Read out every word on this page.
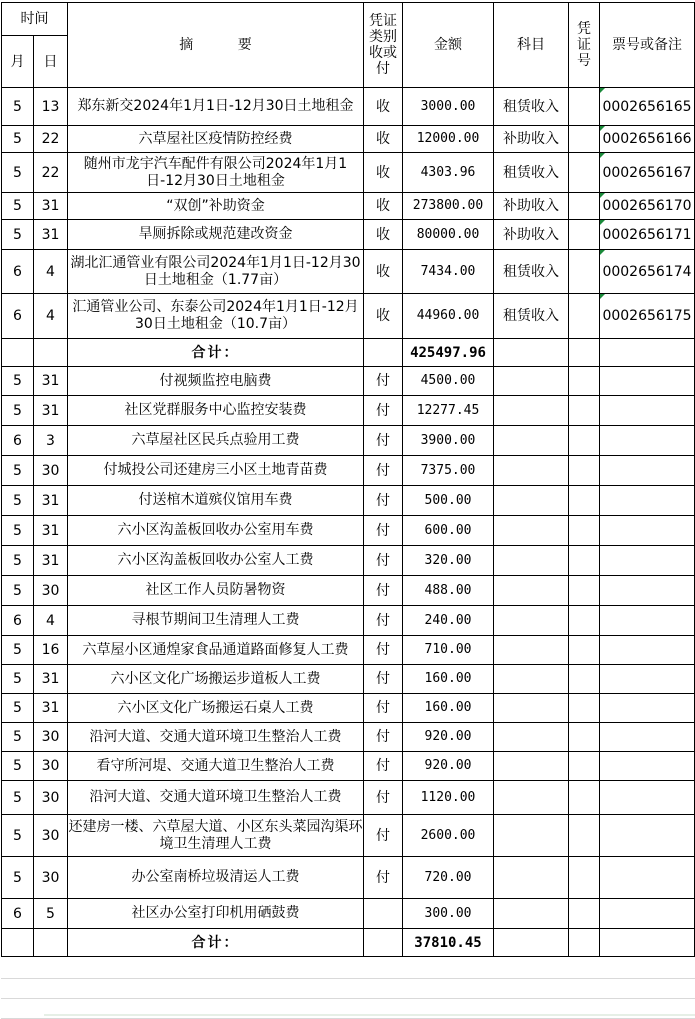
时间		摘          要	凭证类别收或付	金额	科目	凭证号	票号或备注
月	日						
5	13	郑东新交2024年1月1日-12月30日土地租金	收	3000.00	租赁收入		0002656165
5	22	六草屋社区疫情防控经费	收	12000.00	补助收入		0002656166
5	22	随州市龙宇汽车配件有限公司2024年1月1日-12月30日土地租金	收	4303.96	租赁收入		0002656167
5	31	“双创”补助资金	收	273800.00	补助收入		0002656170
5	31	旱厕拆除或规范建改资金	收	80000.00	补助收入		0002656171
6	4	湖北汇通管业有限公司2024年1月1日-12月30日土地租金（1.77亩）	收	7434.00	租赁收入		0002656174
6	4	汇通管业公司、东泰公司2024年1月1日-12月30日土地租金（10.7亩）	收	44960.00	租赁收入		0002656175
		合计：		425497.96			
5	31	付视频监控电脑费	付	4500.00			
5	31	社区党群服务中心监控安装费	付	12277.45			
6	3	六草屋社区民兵点验用工费	付	3900.00			
5	30	付城投公司还建房三小区土地青苗费	付	7375.00			
5	31	付送棺木道殡仪馆用车费	付	500.00			
5	31	六小区沟盖板回收办公室用车费	付	600.00			
5	31	六小区沟盖板回收办公室人工费	付	320.00			
5	30	社区工作人员防暑物资	付	488.00			
6	4	寻根节期间卫生清理人工费	付	240.00			
5	16	六草屋小区通煌家食品通道路面修复人工费	付	710.00			
5	31	六小区文化广场搬运步道板人工费	付	160.00			
5	31	六小区文化广场搬运石桌人工费	付	160.00			
5	30	沿河大道、交通大道环境卫生整治人工费	付	920.00			
5	30	看守所河堤、交通大道卫生整治人工费	付	920.00			
5	30	沿河大道、交通大道环境卫生整治人工费	付	1120.00			
5	30	还建房一楼、六草屋大道、小区东头菜园沟渠环境卫生清理人工费	付	2600.00			
5	30	办公室南桥垃圾清运人工费	付	720.00			
6	5	社区办公室打印机用硒鼓费		300.00			
		合计：		37810.45			
